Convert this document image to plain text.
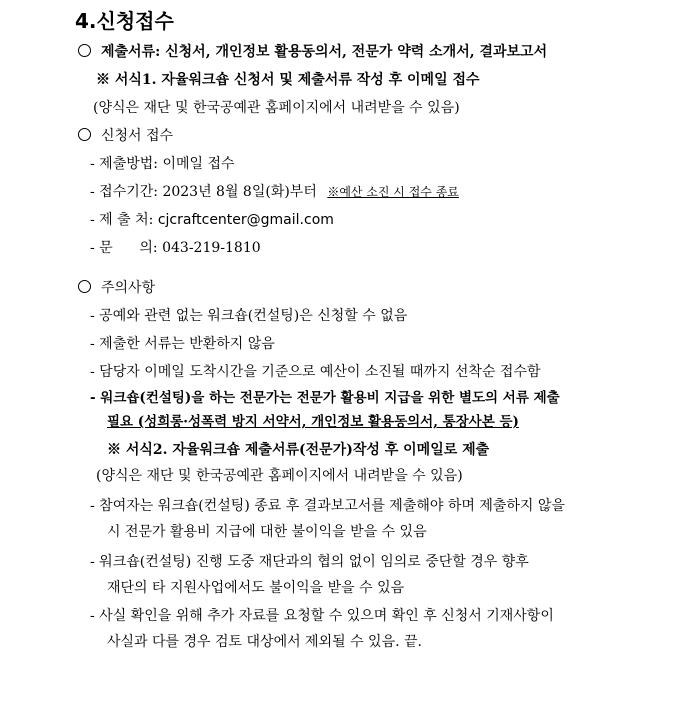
4.신청접수
제출서류: 신청서, 개인정보 활용동의서, 전문가 약력 소개서, 결과보고서
※ 서식1. 자율워크숍 신청서 및 제출서류 작성 후 이메일 접수
(양식은 재단 및 한국공예관 홈페이지에서 내려받을 수 있음)
신청서 접수
- 제출방법: 이메일 접수
- 접수기간: 2023년 8월 8일(화)부터 ※예산 소진 시 접수 종료
- 제 출 처: cjcraftcenter@gmail.com
- 문      의: 043-219-1810
주의사항
- 공예와 관련 없는 워크숍(컨설팅)은 신청할 수 없음
- 제출한 서류는 반환하지 않음
- 담당자 이메일 도착시간을 기준으로 예산이 소진될 때까지 선착순 접수함
- 워크숍(컨설팅)을 하는 전문가는 전문가 활용비 지급을 위한 별도의 서류 제출
필요 (성희롱·성폭력 방지 서약서, 개인정보 활용동의서, 통장사본 등)
※ 서식2. 자율워크숍 제출서류(전문가)작성 후 이메일로 제출
(양식은 재단 및 한국공예관 홈페이지에서 내려받을 수 있음)
- 참여자는 워크숍(컨설팅) 종료 후 결과보고서를 제출해야 하며 제출하지 않을
시 전문가 활용비 지급에 대한 불이익을 받을 수 있음
- 워크숍(컨설팅) 진행 도중 재단과의 협의 없이 임의로 중단할 경우 향후
재단의 타 지원사업에서도 불이익을 받을 수 있음
- 사실 확인을 위해 추가 자료를 요청할 수 있으며 확인 후 신청서 기재사항이
사실과 다를 경우 검토 대상에서 제외될 수 있음. 끝.
